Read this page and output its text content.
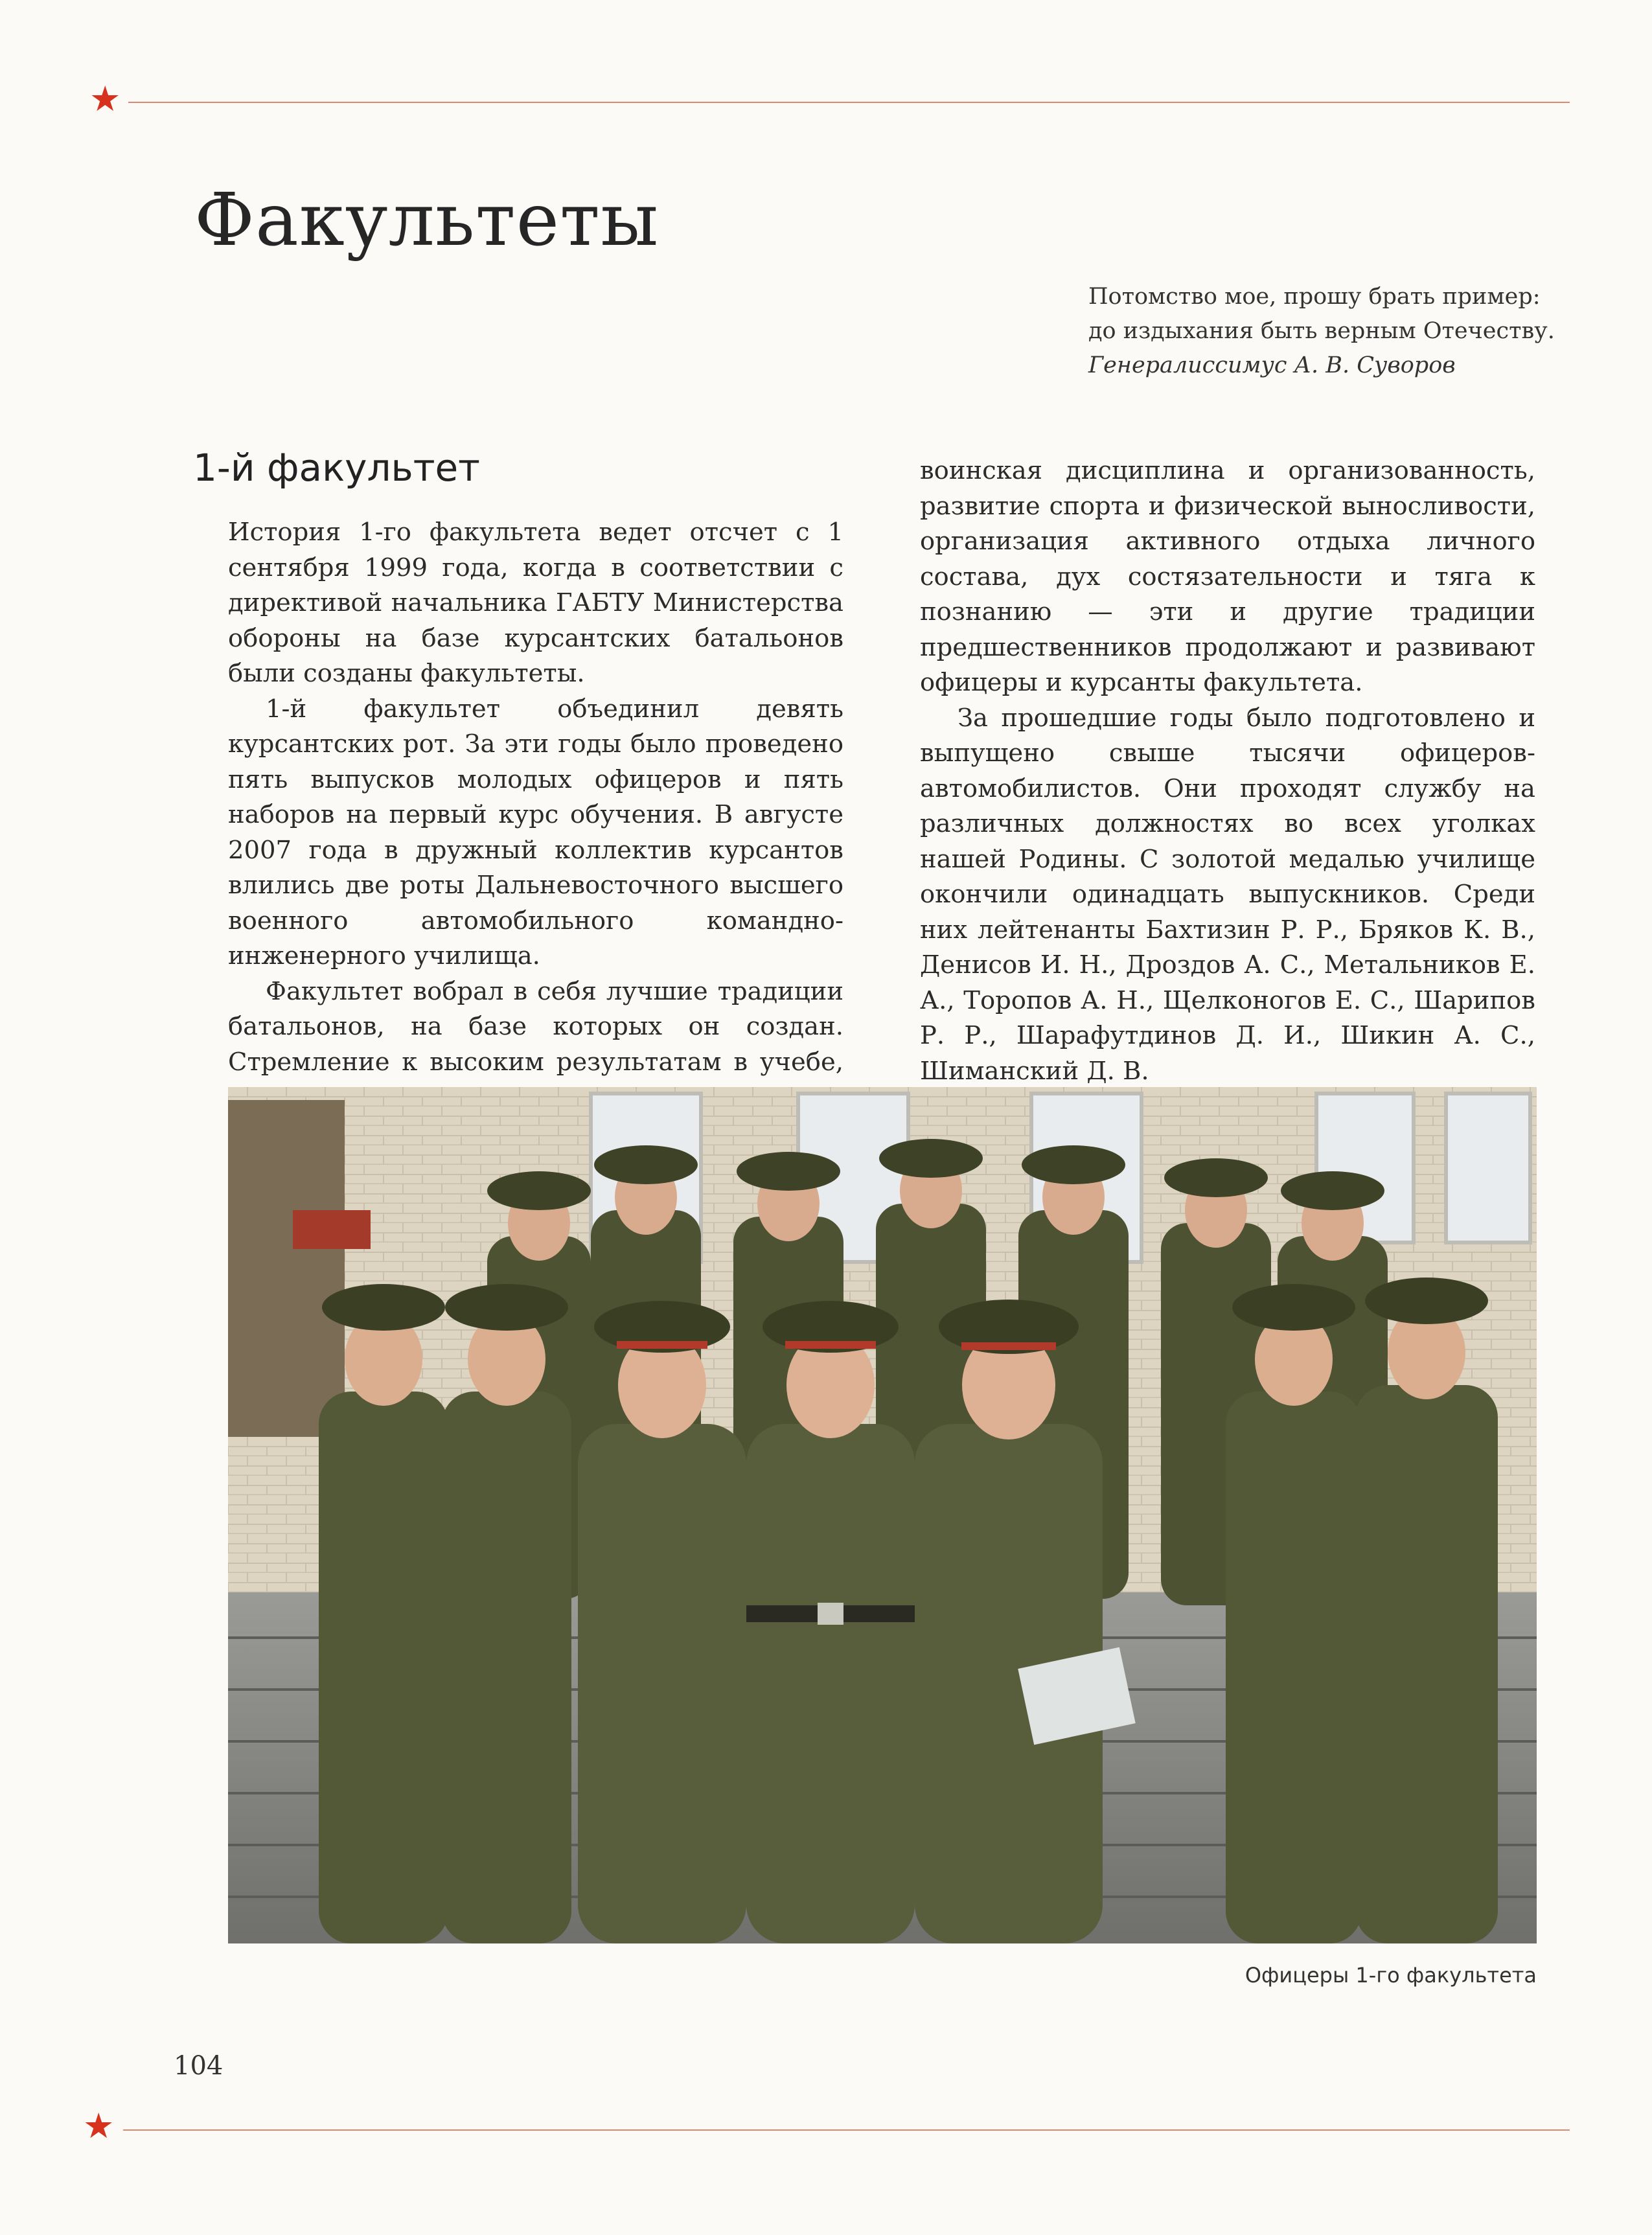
★
★
Факультеты
Потомство мое, прошу брать пример:
до издыхания быть верным Отечеству.
Генералиссимус А. В. Суворов
1-й факультет

История 1-го факультета ведет отсчет с 1 сентября 1999 года, когда в соответствии с директивой начальника ГАБТУ Министерства обороны на базе курсантских батальонов были созданы факультеты.

1-й факультет объединил девять курсантских рот. За эти годы было проведено пять выпусков молодых офицеров и пять наборов на первый курс обучения. В августе 2007 года в дружный коллектив курсантов влились две роты Дальневосточного высшего военного автомобильного командно-инженерного училища.

Факультет вобрал в себя лучшие традиции батальонов, на базе которых он создан. Стремление к высоким результатам в учебе,

воинская дисциплина и организованность, развитие спорта и физической выносливости, организация активного отдыха личного состава, дух состязательности и тяга к познанию — эти и другие традиции предшественников продолжают и развивают офицеры и курсанты факультета.

За прошедшие годы было подготовлено и выпущено свыше тысячи офицеров-автомобилистов. Они проходят службу на различных должностях во всех уголках нашей Родины. С золотой медалью училище окончили одинадцать выпускников. Среди них лейтенанты Бахтизин Р. Р., Бряков К. В., Денисов И. Н., Дроздов А. С., Метальников Е. А., Торопов А. Н., Щелконогов Е. С., Шарипов Р. Р., Шарафутдинов Д. И., Шикин А. С., Шиманский Д. В.

Офицеры 1-го факультета
104
